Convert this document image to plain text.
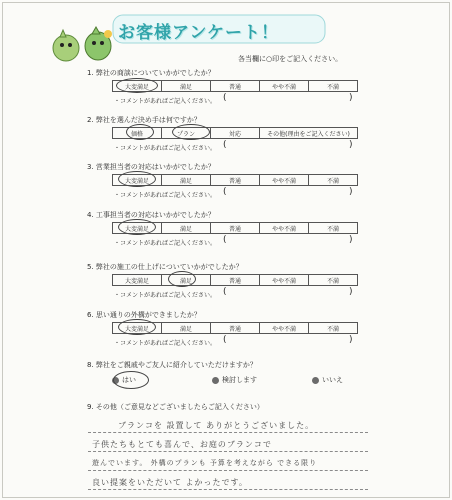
お客様アンケート！
各当欄に○印をご記入ください。
1. 弊社の商談についていかがでしたか？
大変満足	満足	普通	やや不満	不満
・コメントがあればご記入ください。 (	)
2. 弊社を選んだ決め手は何ですか？
価格	プラン	対応	その他(理由をご記入ください)
・コメントがあればご記入ください。 (	)
3. 営業担当者の対応はいかがでしたか？
大変満足	満足	普通	やや不満	不満
・コメントがあればご記入ください。 (	)
4. 工事担当者の対応はいかがでしたか？
大変満足	満足	普通	やや不満	不満
・コメントがあればご記入ください。 (	)
5. 弊社の施工の仕上げについていかがでしたか？
大変満足	満足	普通	やや不満	不満
・コメントがあればご記入ください。 (	)
6. 思い通りの外構ができましたか？
大変満足	満足	普通	やや不満	不満
・コメントがあればご記入ください。 (	)
8. 弊社をご親戚やご友人に紹介していただけますか？
はい	検討します	いいえ
9. その他（ご意見などございましたらご記入ください）
ブランコを 設置して ありがとうございました。
子供たちもとても喜んで、お庭のブランコで
遊んでいます。 外構のプランも 予算を考えながら できる限り
良い提案をいただいて よかったです。
